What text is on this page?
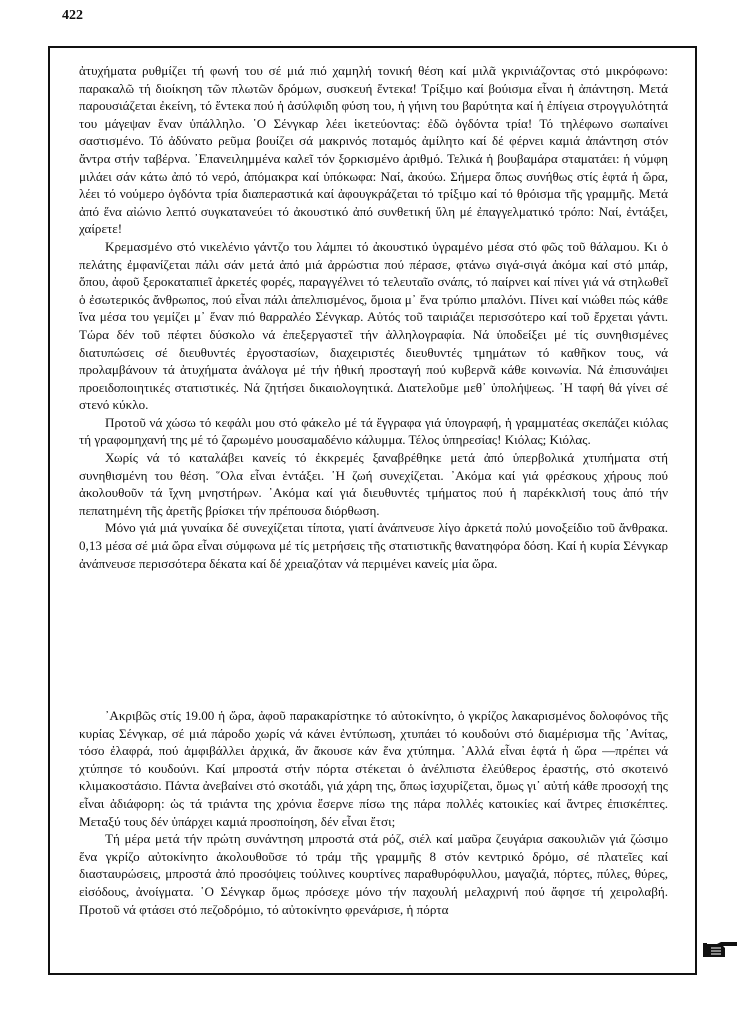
422

ἀτυχήματα ρυθμίζει τή φωνή του σέ μιά πιό χαμηλή τονική θέση καί μιλᾶ γκρινιάζοντας στό μικρόφωνο: παρακαλῶ τή διοίκηση τῶν πλωτῶν δρόμων, συσκευή ἕντεκα! Τρίξιμο καί βούισμα εἶναι ἡ ἀπάντηση. Μετά παρουσιάζεται ἐκείνη, τό ἕντεκα πού ἡ ἀσύλφιδη φύση του, ἡ γήινη του βαρύτητα καί ἡ ἐπίγεια στρογγυλότητά του μάγεψαν ἕναν ὑπάλληλο. ῾Ο Σένγκαρ λέει ἱκετεύοντας: ἐδῶ ὀγδόντα τρία! Τό τηλέφωνο σωπαίνει σαστισμένο. Τό ἀδύνατο ρεῦμα βουίζει σά μακρινός ποταμός ἀμίλητο καί δέ φέρνει καμιά ἀπάντηση στόν ἄντρα στήν ταβέρνα. ᾽Επανειλημμένα καλεῖ τόν ξορκισμένο ἀριθμό. Τελικά ἡ βουβαμάρα σταματάει: ἡ νύμφη μιλάει σάν κάτω ἀπό τό νερό, ἀπόμακρα καί ὑπόκωφα: Ναί, ἀκούω. Σήμερα ὅπως συνήθως στίς ἑφτά ἡ ὥρα, λέει τό νούμερο ὀγδόντα τρία διαπεραστικά καί ἀφουγκράζεται τό τρίξιμο καί τό θρόισμα τῆς γραμμῆς. Μετά ἀπό ἕνα αἰώνιο λεπτό συγκατανεύει τό ἀκουστικό ἀπό συνθετική ὕλη μέ ἐπαγγελματικό τρόπο: Ναί, ἐντάξει, χαίρετε!

Κρεμασμένο στό νικελένιο γάντζο του λάμπει τό ἀκουστικό ὑγραμένο μέσα στό φῶς τοῦ θάλαμου. Κι ὁ πελάτης ἐμφανίζεται πάλι σάν μετά ἀπό μιά ἀρρώστια πού πέρασε, φτάνω σιγά-σιγά ἀκόμα καί στό μπάρ, ὅπου, ἀφοῦ ξεροκαταπιεῖ ἀρκετές φορές, παραγγέλνει τό τελευταῖο σνάπς, τό παίρνει καί πίνει γιά νά στηλωθεῖ ὁ ἐσωτερικός ἄνθρωπος, πού εἶναι πάλι ἀπελπισμένος, ὅμοια μ᾽ ἕνα τρύπιο μπαλόνι. Πίνει καί νιώθει πώς κάθε ἴνα μέσα του γεμίζει μ᾽ ἕναν πιό θαρραλέο Σένγκαρ. Αὐτός τοῦ ταιριάζει περισσότερο καί τοῦ ἔρχεται γάντι. Τώρα δέν τοῦ πέφτει δύσκολο νά ἐπεξεργαστεῖ τήν ἀλληλογραφία. Νά ὑποδείξει μέ τίς συνηθισμένες διατυπώσεις σέ διευθυντές ἐργοστασίων, διαχειριστές διευθυντές τμημάτων τό καθῆκον τους, νά προλαμβάνουν τά ἀτυχήματα ἀνάλογα μέ τήν ἠθική προσταγή πού κυβερνᾶ κάθε κοινωνία. Νά ἐπισυνάψει προειδοποιητικές στατιστικές. Νά ζητήσει δικαιολογητικά. Διατελοῦμε μεθ᾽ ὑπολήψεως. ῾Η ταφή θά γίνει σέ στενό κύκλο.

Προτοῦ νά χώσω τό κεφάλι μου στό φάκελο μέ τά ἔγγραφα γιά ὑπογραφή, ἡ γραμματέας σκεπάζει κιόλας τή γραφομηχανή της μέ τό ζαρωμένο μουσαμαδένιο κάλυμμα. Τέλος ὑπηρεσίας! Κιόλας; Κιόλας.

Χωρίς νά τό καταλάβει κανείς τό ἐκκρεμές ξαναβρέθηκε μετά ἀπό ὑπερβολικά χτυπήματα στή συνηθισμένη του θέση. ῞Ολα εἶναι ἐντάξει. ῾Η ζωή συνεχίζεται. ᾽Ακόμα καί γιά φρέσκους χήρους πού ἀκολουθοῦν τά ἴχνη μνηστήρων. ᾽Ακόμα καί γιά διευθυντές τμήματος πού ἡ παρέκκλισή τους ἀπό τήν πεπατημένη τῆς ἀρετῆς βρίσκει τήν πρέπουσα διόρθωση.

Μόνο γιά μιά γυναίκα δέ συνεχίζεται τίποτα, γιατί ἀνάπνευσε λίγο ἀρκετά πολύ μονοξείδιο τοῦ ἄνθρακα. 0,13 μέσα σέ μιά ὥρα εἶναι σύμφωνα μέ τίς μετρήσεις τῆς στατιστικῆς θανατηφόρα δόση. Καί ἡ κυρία Σένγκαρ ἀνάπνευσε περισσότερα δέκατα καί δέ χρειαζόταν νά περιμένει κανείς μία ὥρα.

᾽Ακριβῶς στίς 19.00 ἡ ὥρα, ἀφοῦ παρακαρίστηκε τό αὐτοκίνητο, ὁ γκρίζος λακαρισμένος δολοφόνος τῆς κυρίας Σένγκαρ, σέ μιά πάροδο χωρίς νά κάνει ἐντύπωση, χτυπάει τό κουδούνι στό διαμέρισμα τῆς ᾽Ανίτας, τόσο ἐλαφρά, πού ἀμφιβάλλει ἀρχικά, ἄν ἄκουσε κάν ἕνα χτύπημα. ᾽Αλλά εἶναι ἑφτά ἡ ὥρα —πρέπει νά χτύπησε τό κουδούνι. Καί μπροστά στήν πόρτα στέκεται ὁ ἀνέλπιστα ἐλεύθερος ἐραστής, στό σκοτεινό κλιμακοστάσιο. Πάντα ἀνεβαίνει στό σκοτάδι, γιά χάρη της, ὅπως ἰσχυρίζεται, ὅμως γι᾽ αὐτή κάθε προσοχή της εἶναι ἀδιάφορη: ὡς τά τριάντα της χρόνια ἔσερνε πίσω της πάρα πολλές κατοικίες καί ἄντρες ἐπισκέπτες. Μεταξύ τους δέν ὑπάρχει καμιά προσποίηση, δέν εἶναι ἔτσι;

Τή μέρα μετά τήν πρώτη συνάντηση μπροστά στά ρόζ, σιέλ καί μαῦρα ζευγάρια σακουλιῶν γιά ζώσιμο ἕνα γκρίζο αὐτοκίνητο ἀκολουθοῦσε τό τράμ τῆς γραμμῆς 8 στόν κεντρικό δρόμο, σέ πλατεῖες καί διασταυρώσεις, μπροστά ἀπό προσόψεις τούλινες κουρτίνες παραθυρόφυλλου, μαγαζιά, πόρτες, πύλες, θύρες, εἰσόδους, ἀνοίγματα. ῾Ο Σένγκαρ ὅμως πρόσεχε μόνο τήν παχουλή μελαχρινή πού ἄφησε τή χειρολαβή. Προτοῦ νά φτάσει στό πεζοδρόμιο, τό αὐτοκίνητο φρενάρισε, ἡ πόρτα
